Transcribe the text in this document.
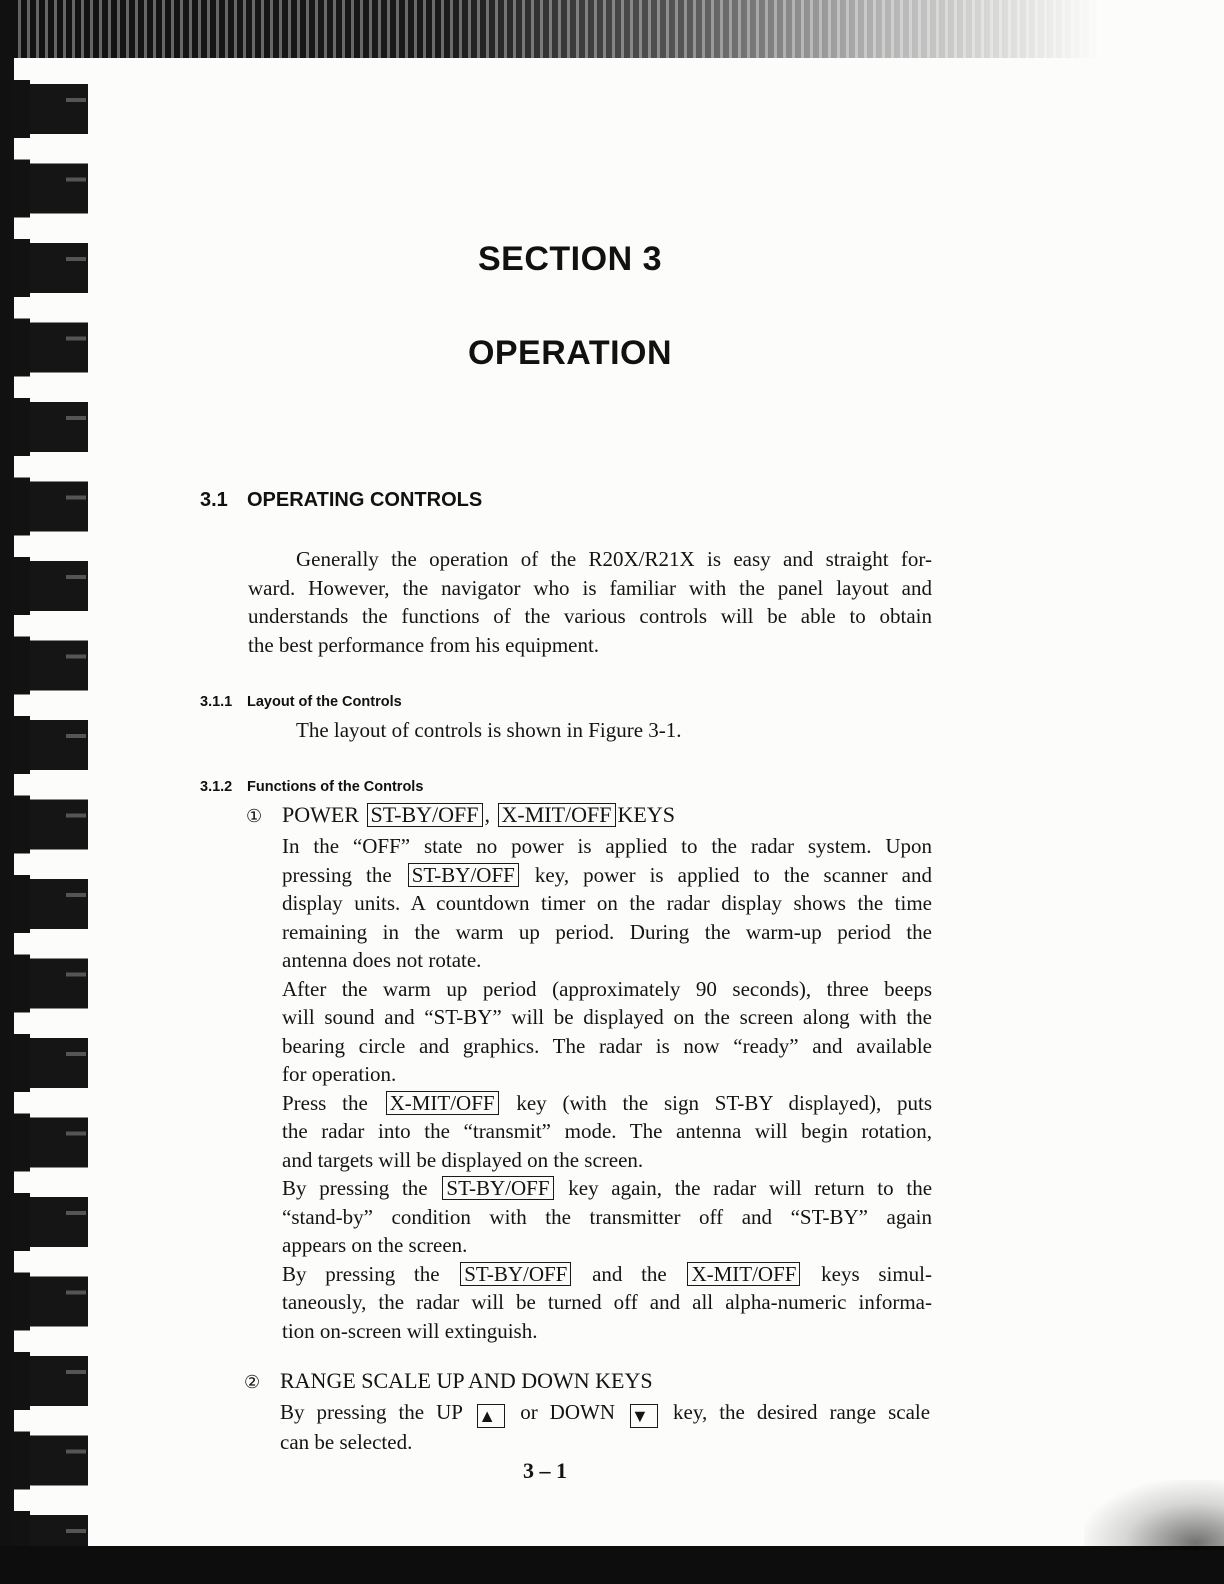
SECTION 3
OPERATION
3.1 OPERATING CONTROLS
Generally the operation of the R20X/R21X is easy and straight for-
ward. However, the navigator who is familiar with the panel layout and
understands the functions of the various controls will be able to obtain
the best performance from his equipment.
3.1.1 Layout of the Controls
The layout of controls is shown in Figure 3-1.
3.1.2 Functions of the Controls
① POWER ST-BY/OFF , X-MIT/OFF KEYS
In the “OFF” state no power is applied to the radar system. Upon
pressing the ST-BY/OFF key, power is applied to the scanner and
display units. A countdown timer on the radar display shows the time
remaining in the warm up period. During the warm-up period the
antenna does not rotate.
After the warm up period (approximately 90 seconds), three beeps
will sound and “ST-BY” will be displayed on the screen along with the
bearing circle and graphics. The radar is now “ready” and available
for operation.
Press the X-MIT/OFF key (with the sign ST-BY displayed), puts
the radar into the “transmit” mode. The antenna will begin rotation,
and targets will be displayed on the screen.
By pressing the ST-BY/OFF key again, the radar will return to the
“stand-by” condition with the transmitter off and “ST-BY” again
appears on the screen.
By pressing the ST-BY/OFF and the X-MIT/OFF keys simul-
taneously, the radar will be turned off and all alpha-numeric informa-
tion on-screen will extinguish.
② RANGE SCALE UP AND DOWN KEYS
By pressing the UP ▲ or DOWN ▼ key, the desired range scale
can be selected.
3 – 1
